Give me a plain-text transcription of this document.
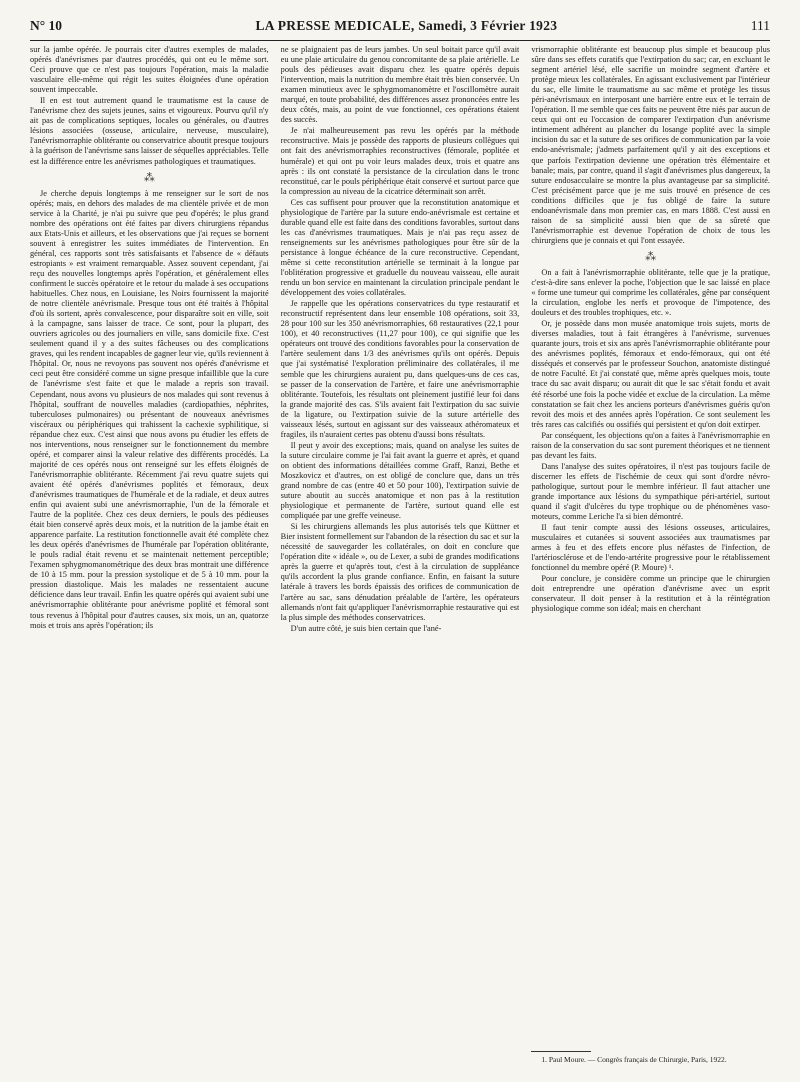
N° 10	LA PRESSE MEDICALE, Samedi, 3 Février 1923	111

sur la jambe opérée. Je pourrais citer d'autres exemples de malades, opérés d'anévrismes par d'autres procédés, qui ont eu le même sort. Ceci prouve que ce n'est pas toujours l'opération, mais la maladie vasculaire elle-même qui régit les suites éloignées d'une opération souvent impeccable.

Il en est tout autrement quand le traumatisme est la cause de l'anévrisme chez des sujets jeunes, sains et vigoureux. Pourvu qu'il n'y ait pas de complications septiques, locales ou générales, ou d'autres lésions associées (osseuse, articulaire, nerveuse, musculaire), l'anévrismorraphie oblitérante ou conservatrice aboutit presque toujours à la guérison de l'anévrisme sans laisser de séquelles appréciables. Telle est la différence entre les anévrismes pathologiques et traumatiques.

⁂

Je cherche depuis longtemps à me renseigner sur le sort de nos opérés; mais, en dehors des malades de ma clientèle privée et de mon service à la Charité, je n'ai pu suivre que peu d'opérés; le plus grand nombre des opérations ont été faites par divers chirurgiens répandus aux Etats-Unis et ailleurs, et les observations que j'ai reçues se bornent souvent à enregistrer les suites immédiates de l'intervention. En général, ces rapports sont très satisfaisants et l'absence de « défauts estropiants » est vraiment remarquable. Assez souvent cependant, j'ai reçu des nouvelles longtemps après l'opération, et généralement elles confirment le succès opératoire et le retour du malade à ses occupations habituelles. Chez nous, en Louisiane, les Noirs fournissent la majorité de notre clientèle anévrismale. Presque tous ont été traités à l'hôpital d'où ils sortent, après convalescence, pour disparaître soit en ville, soit à la campagne, sans laisser de trace. Ce sont, pour la plupart, des ouvriers agricoles ou des journaliers en ville, sans domicile fixe. C'est seulement quand il y a des suites fâcheuses ou des complications graves, qui les rendent incapables de gagner leur vie, qu'ils reviennent à l'hôpital. Or, nous ne revoyons pas souvent nos opérés d'anévrisme et ceci peut être considéré comme un signe presque infaillible que la cure de l'anévrisme s'est faite et que le malade a repris son travail. Cependant, nous avons vu plusieurs de nos malades qui sont revenus à l'hôpital, souffrant de nouvelles maladies (cardiopathies, néphrites, tuberculoses pulmonaires) ou présentant de nouveaux anévrismes viscéraux ou périphériques qui trahissent la cachexie syphilitique, si répandue chez eux. C'est ainsi que nous avons pu étudier les effets de nos interventions, nous renseigner sur le fonctionnement du membre opéré, et comparer ainsi la valeur relative des différents procédés. La majorité de ces opérés nous ont renseigné sur les effets éloignés de l'anévrismorraphie oblitérante. Récemment j'ai revu quatre sujets qui avaient été opérés d'anévrismes poplités et fémoraux, deux d'anévrismes traumatiques de l'humérale et de la radiale, et deux autres enfin qui avaient subi une anévrismorraphie, l'un de la fémorale et l'autre de la poplitée. Chez ces deux derniers, le pouls des pédieuses était bien conservé après deux mois, et la nutrition de la jambe était en apparence parfaite. La restitution fonctionnelle avait été complète chez les deux opérés d'anévrismes de l'humérale par l'opération oblitérante, le pouls radial était revenu et se maintenait nettement perceptible; l'examen sphygmomanométrique des deux bras montrait une différence de 10 à 15 mm. pour la pression systolique et de 5 à 10 mm. pour la pression diastolique. Mais les malades ne ressentaient aucune déficience dans leur travail. Enfin les quatre opérés qui avaient subi une anévrismorraphie oblitérante pour anévrisme poplité et fémoral sont tous revenus à l'hôpital pour d'autres causes, six mois, un an, quatorze mois et trois ans après l'opération; ils

ne se plaignaient pas de leurs jambes. Un seul boitait parce qu'il avait eu une plaie articulaire du genou concomitante de sa plaie artérielle. Le pouls des pédieuses avait disparu chez les quatre opérés depuis l'intervention, mais la nutrition du membre était très bien conservée. Un examen minutieux avec le sphygmomanomètre et l'oscillomètre aurait marqué, en toute probabilité, des différences assez prononcées entre les deux côtés, mais, au point de vue fonctionnel, ces opérations étaient des succès.

Je n'ai malheureusement pas revu les opérés par la méthode reconstructive. Mais je possède des rapports de plusieurs collègues qui ont fait des anévrismorraphies reconstructives (fémorale, poplitée et humérale) et qui ont pu voir leurs malades deux, trois et quatre ans après : ils ont constaté la persistance de la circulation dans le tronc reconstitué, car le pouls périphérique était conservé et surtout parce que la compression au niveau de la cicatrice déterminait son arrêt.

Ces cas suffisent pour prouver que la reconstitution anatomique et physiologique de l'artère par la suture endo-anévrismale est certaine et durable quand elle est faite dans des conditions favorables, surtout dans les cas d'anévrismes traumatiques. Mais je n'ai pas reçu assez de renseignements sur les anévrismes pathologiques pour être sûr de la persistance à longue échéance de la cure reconstructive. Cependant, même si cette reconstitution artérielle se terminait à la longue par l'oblitération progressive et graduelle du nouveau vaisseau, elle aurait rendu un bon service en maintenant la circulation principale pendant le développement des voies collatérales.

Je rappelle que les opérations conservatrices du type restauratif et reconstructif représentent dans leur ensemble 108 opérations, soit 33, 28 pour 100 sur les 350 anévrismorraphies, 68 restauratives (22,1 pour 100), et 40 reconstructives (11,27 pour 100), ce qui signifie que les opérateurs ont trouvé des conditions favorables pour la conservation de l'artère seulement dans 1/3 des anévrismes qu'ils ont opérés. Depuis que j'ai systématisé l'exploration préliminaire des collatérales, il me semble que les chirurgiens auraient pu, dans quelques-uns de ces cas, se passer de la conservation de l'artère, et faire une anévrismorraphie oblitérante. Toutefois, les résultats ont pleinement justifié leur foi dans la grande majorité des cas. S'ils avaient fait l'extirpation du sac suivie de la ligature, ou l'extirpation suivie de la suture artérielle des vaisseaux lésés, surtout en agissant sur des vaisseaux athéromateux et fragiles, ils n'auraient certes pas obtenu d'aussi bons résultats.

Il peut y avoir des exceptions; mais, quand on analyse les suites de la suture circulaire comme je l'ai fait avant la guerre et après, et quand on obtient des informations détaillées comme Graff, Ranzi, Bethe et Moszkovicz et d'autres, on est obligé de conclure que, dans un très grand nombre de cas (entre 40 et 50 pour 100), l'extirpation suivie de suture aboutit au succès anatomique et non pas à la restitution physiologique et permanente de l'artère, surtout quand elle est compliquée par une greffe veineuse.

Si les chirurgiens allemands les plus autorisés tels que Küttner et Bier insistent formellement sur l'abandon de la résection du sac et sur la nécessité de sauvegarder les collatérales, on doit en conclure que l'opération dite « idéale », ou de Lexer, a subi de grandes modifications après la guerre et qu'après tout, c'est à la circulation de suppléance qu'ils accordent la plus grande confiance. Enfin, en faisant la suture latérale à travers les bords épaissis des orifices de communication de l'artère au sac, sans dénudation préalable de l'artère, les opérateurs allemands n'ont fait qu'appliquer l'anévrismorraphie restaurative qui est la plus simple des méthodes conservatrices.

D'un autre côté, je suis bien certain que l'ané-

vrismorraphie oblitérante est beaucoup plus simple et beaucoup plus sûre dans ses effets curatifs que l'extirpation du sac; car, en excluant le segment artériel lésé, elle sacrifie un moindre segment d'artère et protège mieux les collatérales. En agissant exclusivement par l'intérieur du sac, elle limite le traumatisme au sac même et protège les tissus péri-anévrismaux en interposant une barrière entre eux et le terrain de l'opération. Il me semble que ces faits ne peuvent être niés par aucun de ceux qui ont eu l'occasion de comparer l'extirpation d'un anévrisme intimement adhérent au plancher du losange poplité avec la simple incision du sac et la suture de ses orifices de communication par la voie endo-anévrismale; j'admets parfaitement qu'il y ait des exceptions et que parfois l'extirpation devienne une opération très élémentaire et banale; mais, par contre, quand il s'agit d'anévrismes plus dangereux, la suture endosacculaire se montre la plus avantageuse par sa simplicité. C'est précisément parce que je me suis trouvé en présence de ces conditions difficiles que je fus obligé de faire la suture endoanévrismale dans mon premier cas, en mars 1888. C'est aussi en raison de sa simplicité aussi bien que de sa sûreté que l'anévrismorraphie est devenue l'opération de choix de tous les chirurgiens que je connais et qui l'ont essayée.

⁂

On a fait à l'anévrismorraphie oblitérante, telle que je la pratique, c'est-à-dire sans enlever la poche, l'objection que le sac laissé en place « forme une tumeur qui comprime les collatérales, gêne par conséquent la circulation, englobe les nerfs et provoque de l'impotence, des douleurs et des troubles trophiques, etc. ».

Or, je possède dans mon musée anatomique trois sujets, morts de diverses maladies, tout à fait étrangères à l'anévrisme, survenues quarante jours, trois et six ans après l'anévrismorraphie oblitérante pour des anévrismes poplités, fémoraux et endo-fémoraux, qui ont été disséqués et conservés par le professeur Souchon, anatomiste distingué de notre Faculté. Et j'ai constaté que, même après quelques mois, toute trace du sac avait disparu; ou aurait dit que le sac s'était fondu et avait été résorbé une fois la poche vidée et exclue de la circulation. La même constatation se fait chez les anciens porteurs d'anévrismes guéris qu'on revoit des mois et des années après l'opération. Ce sont seulement les très rares cas calcifiés ou ossifiés qui persistent et qu'on doit extirper.

Par conséquent, les objections qu'on a faites à l'anévrismorraphie en raison de la conservation du sac sont purement théoriques et ne tiennent pas devant les faits.

Dans l'analyse des suites opératoires, il n'est pas toujours facile de discerner les effets de l'ischémie de ceux qui sont d'ordre névro-pathologique, surtout pour le membre inférieur. Il faut attacher une grande importance aux lésions du sympathique péri-artériel, surtout quand il s'agit d'ulcères du type trophique ou de phénomènes vaso-moteurs, comme Leriche l'a si bien démontré.

Il faut tenir compte aussi des lésions osseuses, articulaires, musculaires et cutanées si souvent associées aux traumatismes par armes à feu et des effets encore plus néfastes de l'infection, de l'artériosclérose et de l'endo-artérite progressive pour le rétablissement fonctionnel du membre opéré (P. Moure) ¹.

Pour conclure, je considère comme un principe que le chirurgien doit entreprendre une opération d'anévrisme avec un esprit conservateur. Il doit penser à la restitution et à la réintégration physiologique comme son idéal; mais en cherchant

1. Paul Moure. — Congrès français de Chirurgie, Paris, 1922.
